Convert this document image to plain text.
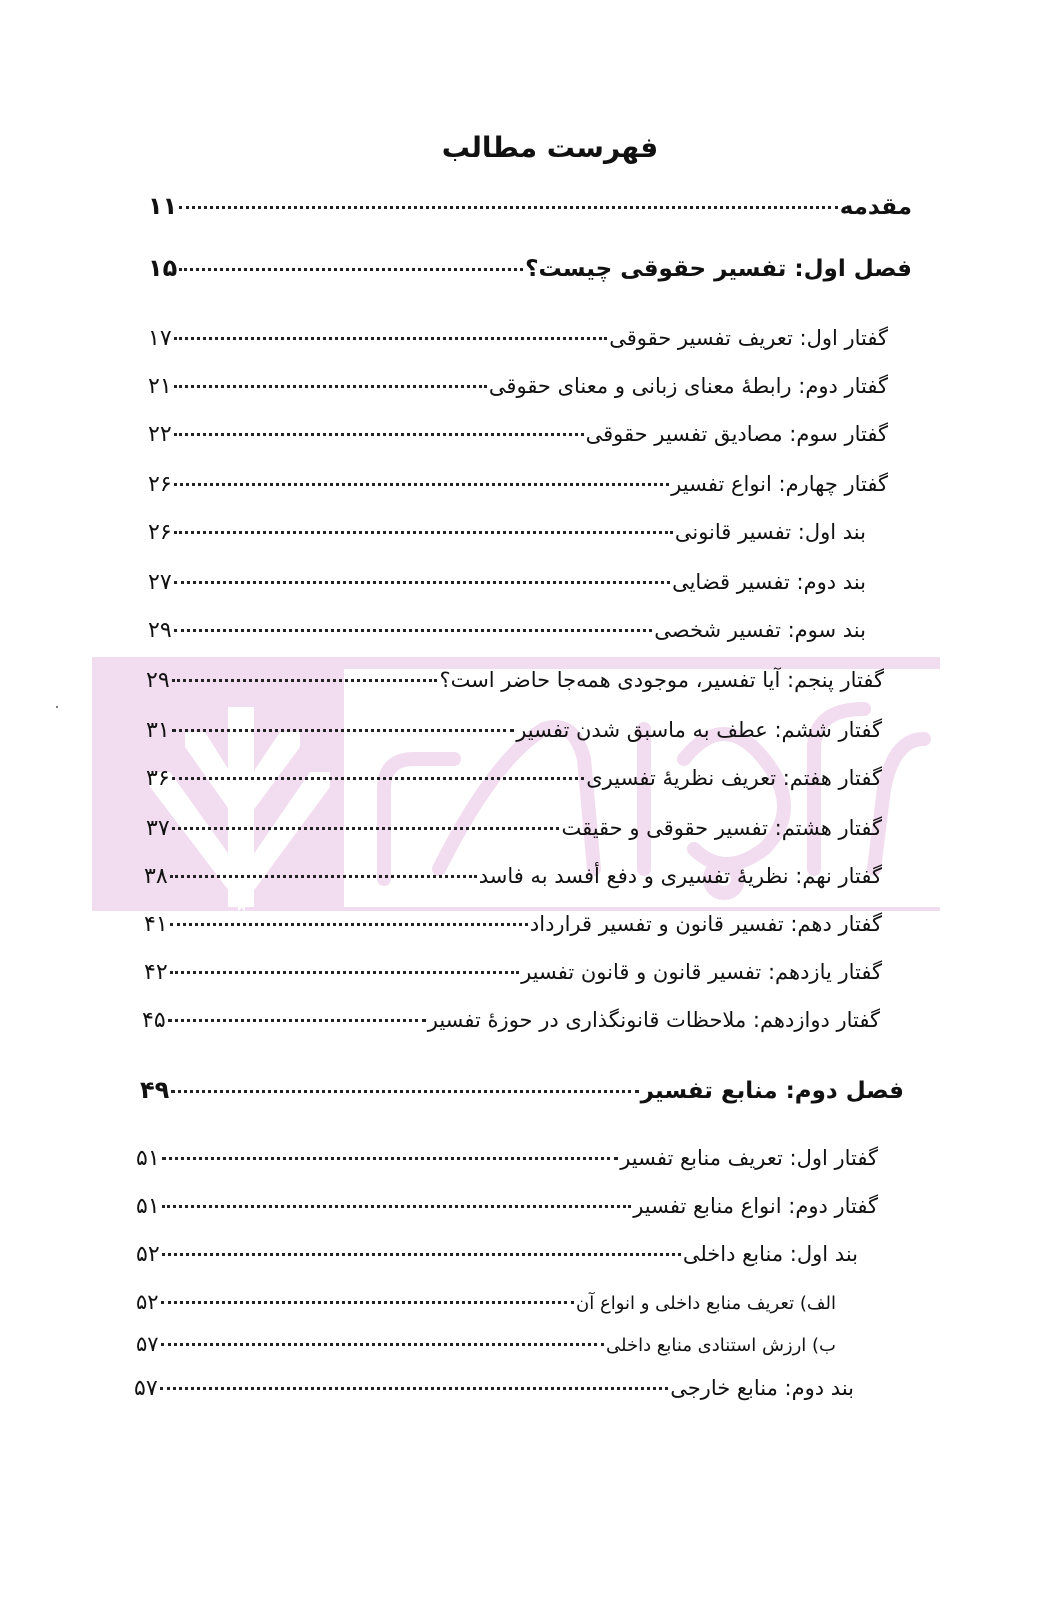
فهرست مطالب
مقدمه
۱۱
فصل اول: تفسیر حقوقی چیست؟
۱۵
گفتار اول: تعریف تفسیر حقوقی
۱۷
گفتار دوم: رابطهٔ معنای زبانی و معنای حقوقی
۲۱
گفتار سوم: مصادیق تفسیر حقوقی
۲۲
گفتار چهارم: انواع تفسیر
۲۶
بند اول: تفسیر قانونی
۲۶
بند دوم: تفسیر قضایی
۲۷
بند سوم: تفسیر شخصی
۲۹
گفتار پنجم: آیا تفسیر، موجودی همه‌جا حاضر است؟
۲۹
گفتار ششم: عطف به ماسبق شدن تفسیر
۳۱
گفتار هفتم: تعریف نظریهٔ تفسیری
۳۶
گفتار هشتم: تفسیر حقوقی و حقیقت
۳۷
گفتار نهم: نظریهٔ تفسیری و دفع أفسد به فاسد
۳۸
گفتار دهم: تفسیر قانون و تفسیر قرارداد
۴۱
گفتار یازدهم: تفسیر قانون و قانون تفسیر
۴۲
گفتار دوازدهم: ملاحظات قانونگذاری در حوزهٔ تفسیر
۴۵
فصل دوم: منابع تفسیر
۴۹
گفتار اول: تعریف منابع تفسیر
۵۱
گفتار دوم: انواع منابع تفسیر
۵۱
بند اول: منابع داخلی
۵۲
الف) تعریف منابع داخلی و انواع آن
۵۲
ب) ارزش استنادی منابع داخلی
۵۷
بند دوم: منابع خارجی
۵۷
